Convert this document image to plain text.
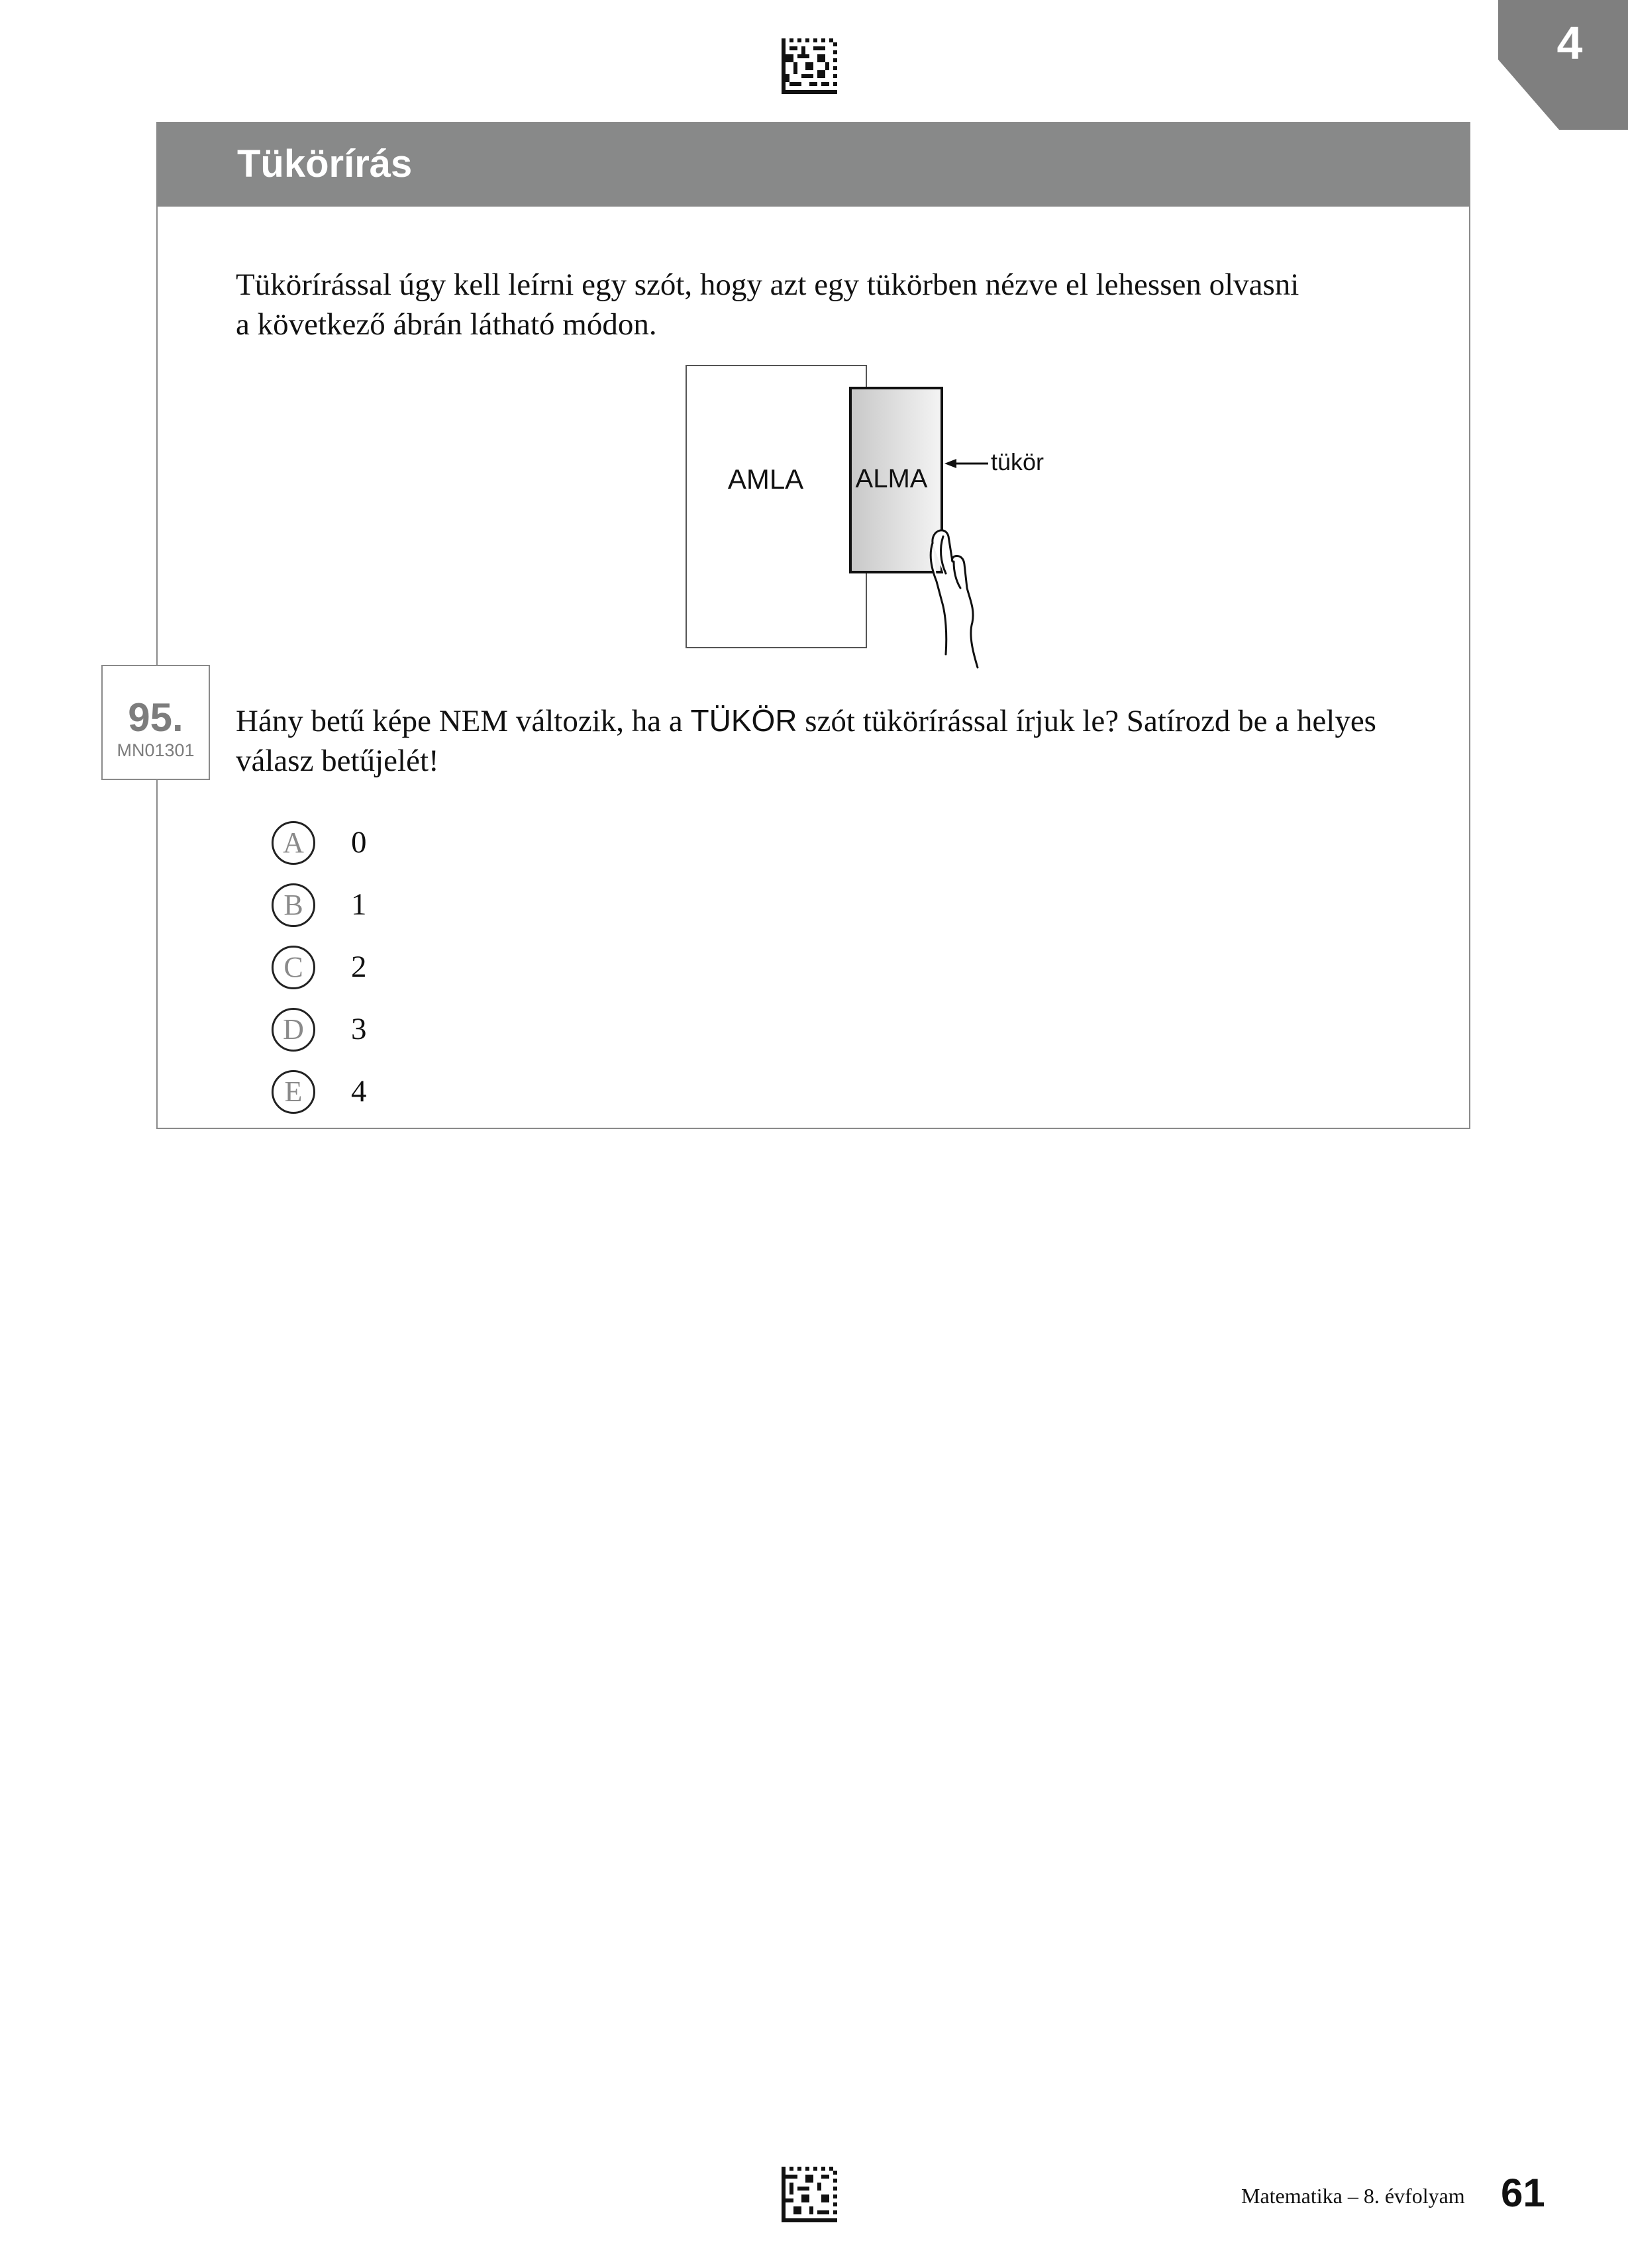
4
Tükörírás
Tükörírással úgy kell leírni egy szót, hogy azt egy tükörben nézve el lehessen olvasni
a következő ábrán látható módon.
AMLA ALMA
tükör
95.
MN01301
Hány betű képe NEM változik, ha a TÜKÖR szót tükörírással írjuk le? Satírozd be a helyes
válasz betűjelét!
A	0
B	1
C	2
D	3
E	4
Matematika – 8. évfolyam 61
